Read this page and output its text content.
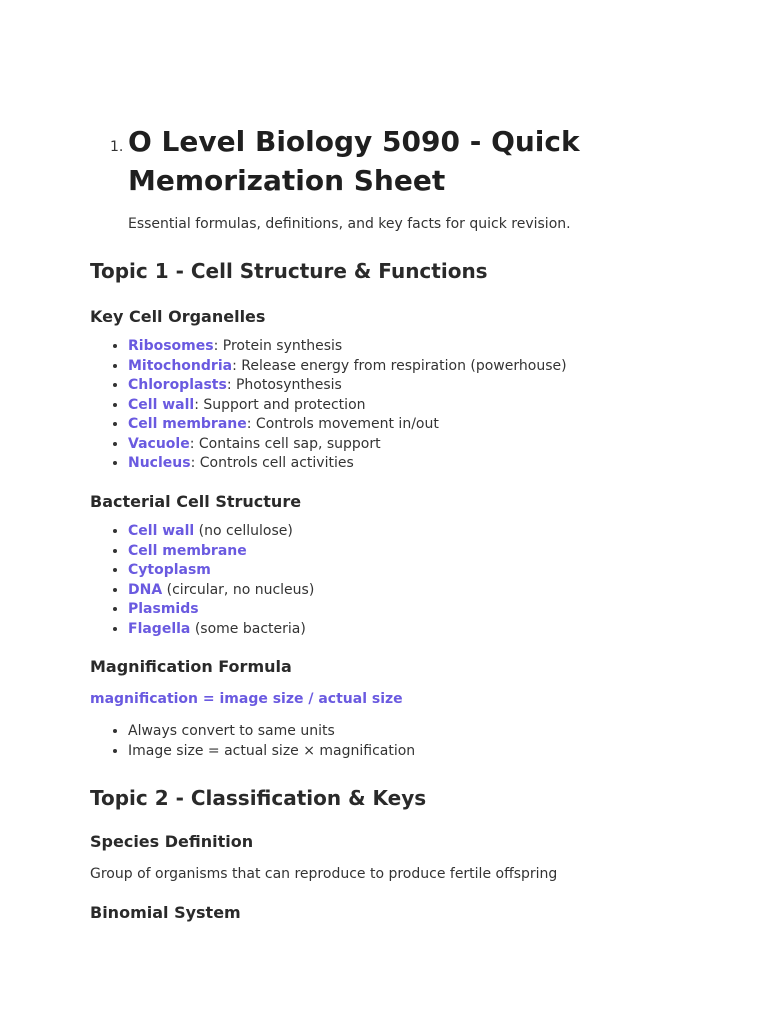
1. O Level Biology 5090 - Quick Memorization Sheet

Essential formulas, definitions, and key facts for quick revision.

Topic 1 - Cell Structure & Functions
Key Cell Organelles
• Ribosomes: Protein synthesis
• Mitochondria: Release energy from respiration (powerhouse)
• Chloroplasts: Photosynthesis
• Cell wall: Support and protection
• Cell membrane: Controls movement in/out
• Vacuole: Contains cell sap, support
• Nucleus: Controls cell activities
Bacterial Cell Structure
• Cell wall (no cellulose)
• Cell membrane
• Cytoplasm
• DNA (circular, no nucleus)
• Plasmids
• Flagella (some bacteria)
Magnification Formula

magnification = image size / actual size

• Always convert to same units
• Image size = actual size × magnification
Topic 2 - Classification & Keys
Species Definition

Group of organisms that can reproduce to produce fertile offspring

Binomial System
